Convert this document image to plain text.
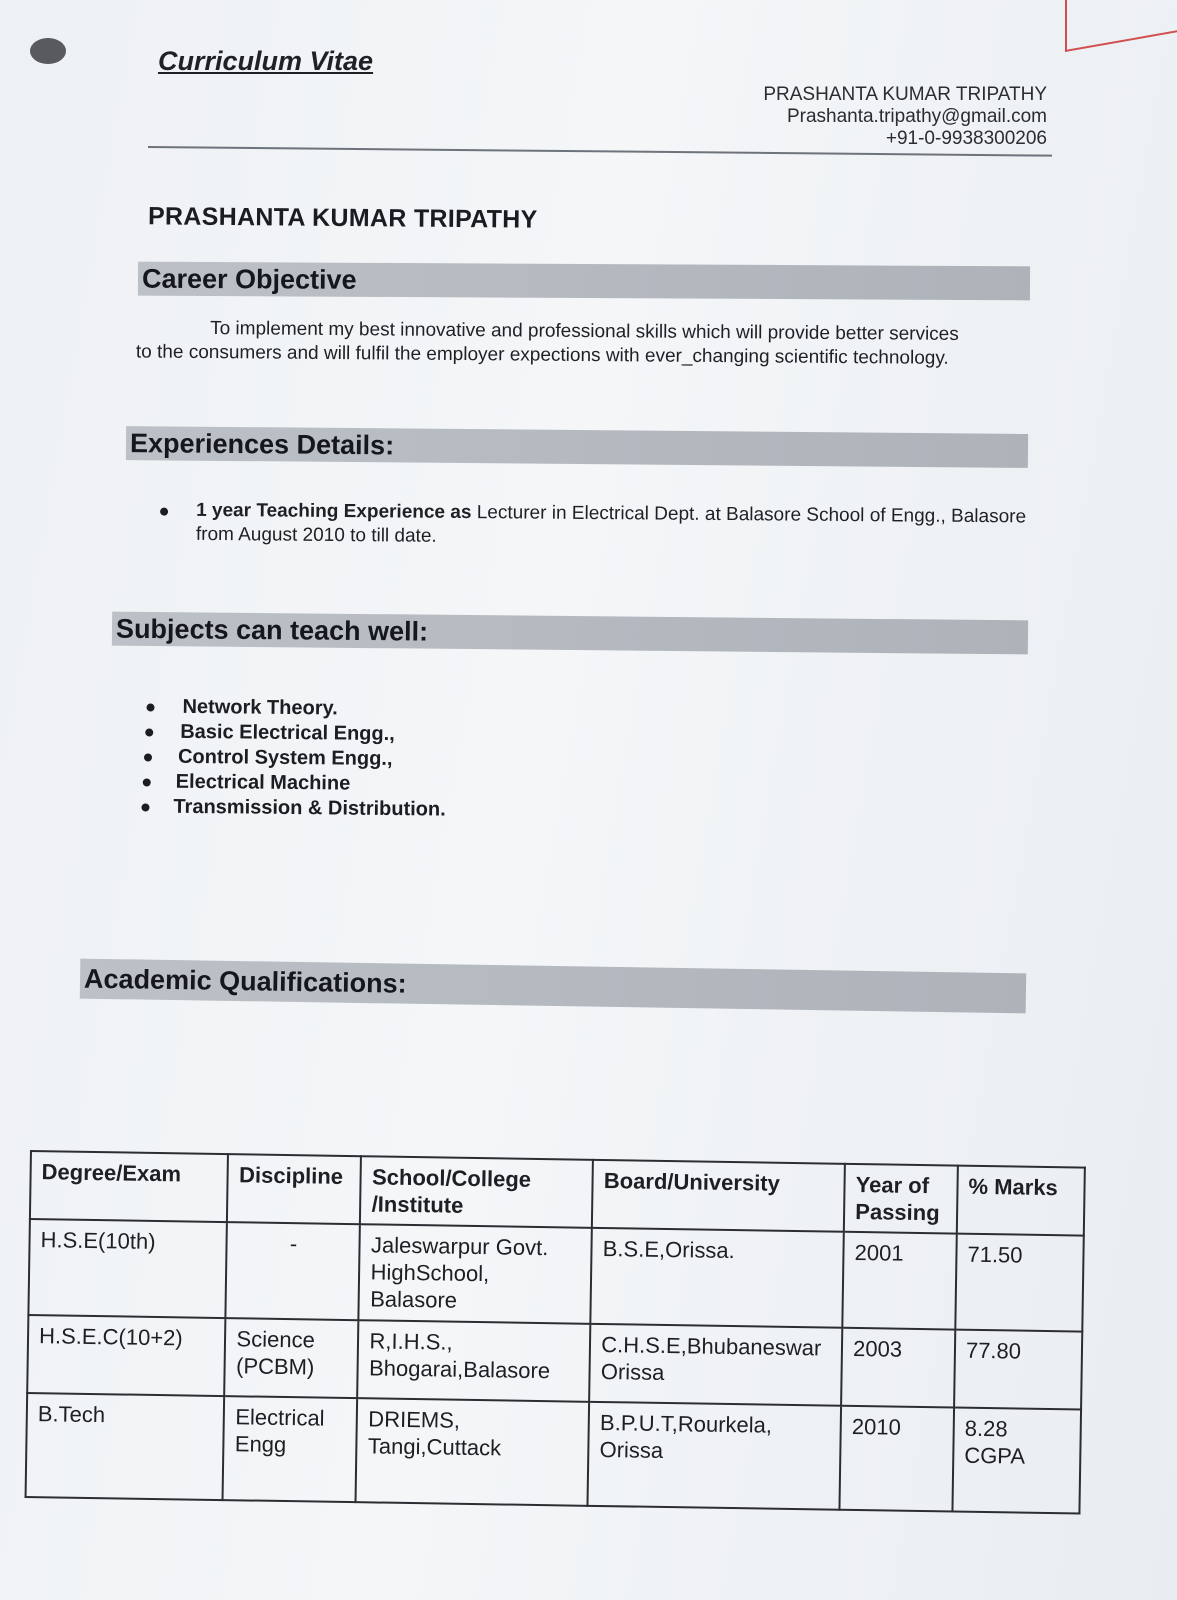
Curriculum Vitae
PRASHANTA KUMAR TRIPATHY
Prashanta.tripathy@gmail.com
+91-0-9938300206
PRASHANTA KUMAR TRIPATHY
Career Objective
To implement my best innovative and professional skills which will provide better services
to the consumers and will fulfil the employer expections with ever_changing scientific technology.
Experiences Details:
1 year Teaching Experience as Lecturer in Electrical Dept. at Balasore School of Engg., Balasore from August 2010 to till date.
Subjects can teach well:
Network Theory.
Basic Electrical Engg.,
Control System Engg.,
Electrical Machine
Transmission & Distribution.
Academic Qualifications:
Degree/Exam	Discipline	School/College /Institute	Board/University	Year of Passing	% Marks
H.S.E(10th)	-	Jaleswarpur Govt. HighSchool, Balasore	B.S.E,Orissa.	2001	71.50
H.S.E.C(10+2)	Science (PCBM)	R,I.H.S., Bhogarai,Balasore	C.H.S.E,Bhubaneswar Orissa	2003	77.80
B.Tech	Electrical Engg	DRIEMS, Tangi,Cuttack	B.P.U.T,Rourkela, Orissa	2010	8.28 CGPA
